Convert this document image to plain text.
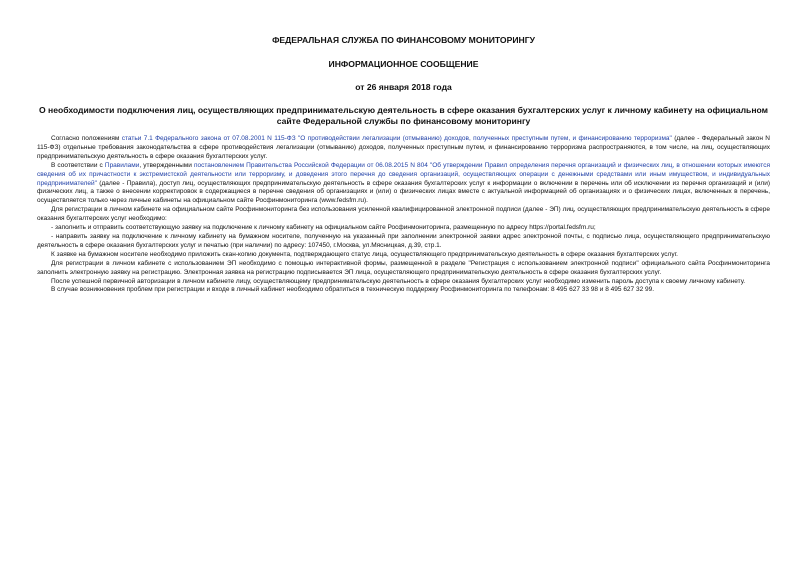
ФЕДЕРАЛЬНАЯ СЛУЖБА ПО ФИНАНСОВОМУ МОНИТОРИНГУ
ИНФОРМАЦИОННОЕ СООБЩЕНИЕ
от 26 января 2018 года
О необходимости подключения лиц, осуществляющих предпринимательскую деятельность в сфере оказания бухгалтерских услуг к личному кабинету на официальном сайте Федеральной службы по финансовому мониторингу

Согласно положениям статьи 7.1 Федерального закона от 07.08.2001 N 115-ФЗ "О противодействии легализации (отмыванию) доходов, полученных преступным путем, и финансированию терроризма" (далее - Федеральный закон N 115-ФЗ) отдельные требования законодательства в сфере противодействия легализации (отмыванию) доходов, полученных преступным путем, и финансированию терроризма распространяются, в том числе, на лиц, осуществляющих предпринимательскую деятельность в сфере оказания бухгалтерских услуг.

В соответствии с Правилами, утвержденными постановлением Правительства Российской Федерации от 06.08.2015 N 804 "Об утверждении Правил определения перечня организаций и физических лиц, в отношении которых имеются сведения об их причастности к экстремистской деятельности или терроризму, и доведения этого перечня до сведения организаций, осуществляющих операции с денежными средствами или иным имуществом, и индивидуальных предпринимателей" (далее - Правила), доступ лиц, осуществляющих предпринимательскую деятельность в сфере оказания бухгалтерских услуг к информации о включении в перечень или об исключении из перечня организаций и (или) физических лиц, а также о внесении корректировок в содержащиеся в перечне сведения об организациях и (или) о физических лицах вместе с актуальной информацией об организациях и о физических лицах, включенных в перечень, осуществляется только через личные кабинеты на официальном сайте Росфинмониторинга (www.fedsfm.ru).

Для регистрации в личном кабинете на официальном сайте Росфинмониторинга без использования усиленной квалифицированной электронной подписи (далее - ЭП) лиц, осуществляющих предпринимательскую деятельность в сфере оказания бухгалтерских услуг необходимо:

- заполнить и отправить соответствующую заявку на подключение к личному кабинету на официальном сайте Росфинмониторинга, размещенную по адресу https://portal.fedsfm.ru;

- направить заявку на подключение к личному кабинету на бумажном носителе, полученную на указанный при заполнении электронной заявки адрес электронной почты, с подписью лица, осуществляющего предпринимательскую деятельность в сфере оказания бухгалтерских услуг и печатью (при наличии) по адресу: 107450, г.Москва, ул.Мясницкая, д.39, стр.1.

К заявке на бумажном носителе необходимо приложить скан-копию документа, подтверждающего статус лица, осуществляющего предпринимательскую деятельность в сфере оказания бухгалтерских услуг.

Для регистрации в личном кабинете с использованием ЭП необходимо с помощью интерактивной формы, размещенной в разделе "Регистрация с использованием электронной подписи" официального сайта Росфинмониторинга заполнить электронную заявку на регистрацию. Электронная заявка на регистрацию подписывается ЭП лица, осуществляющего предпринимательскую деятельность в сфере оказания бухгалтерских услуг.

После успешной первичной авторизации в личном кабинете лицу, осуществляющему предпринимательскую деятельность в сфере оказания бухгалтерских услуг необходимо изменить пароль доступа к своему личному кабинету.

В случае возникновения проблем при регистрации и входе в личный кабинет необходимо обратиться в техническую поддержку Росфинмониторинга по телефонам: 8 495 627 33 98 и 8 495 627 32 99.
